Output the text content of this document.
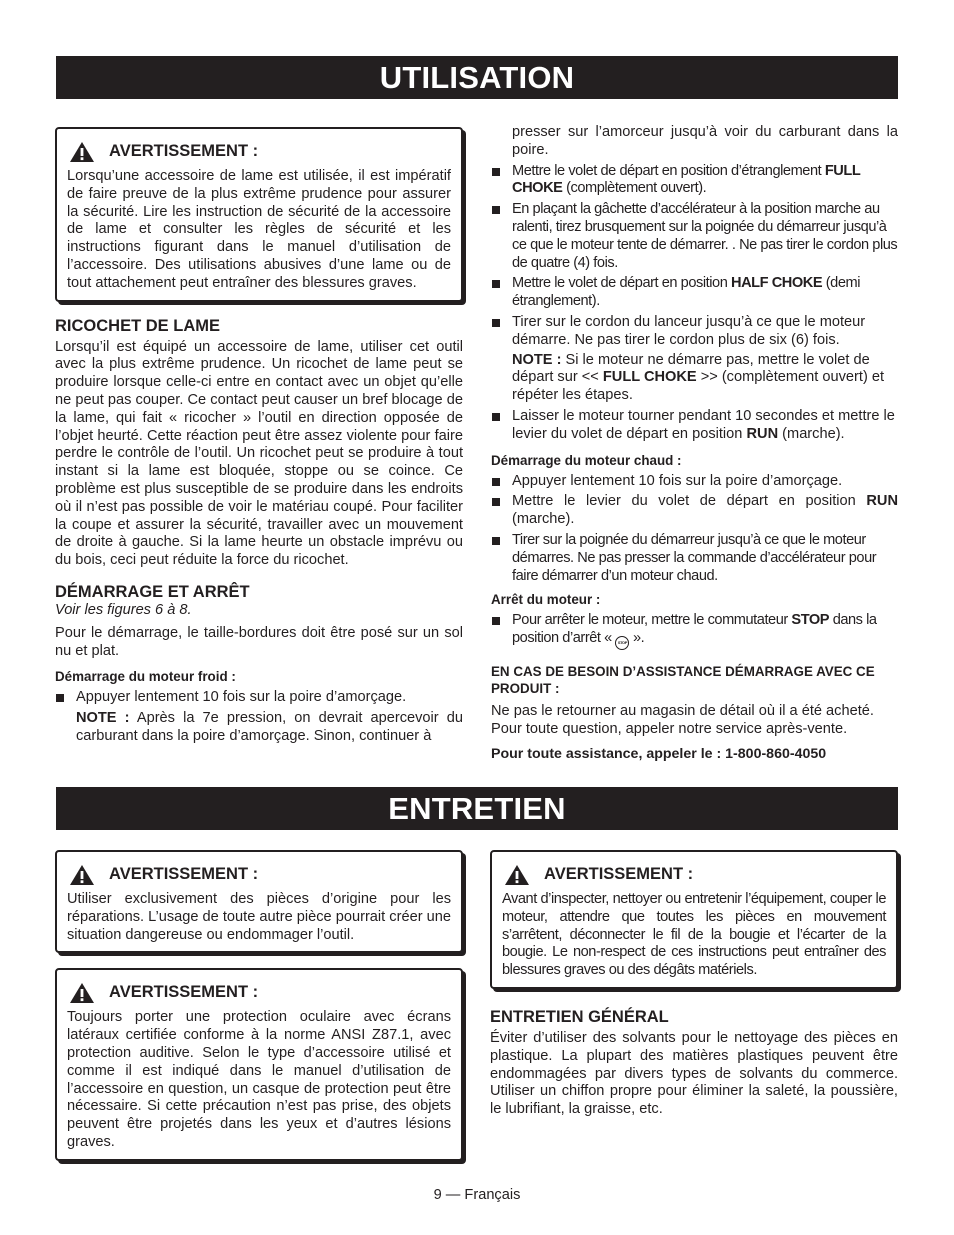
UTILISATION
AVERTISSEMENT :
Lorsqu’une accessoire de lame est utilisée, il est impératif de faire preuve de la plus extrême prudence pour assurer la sécurité. Lire les instruction de sécurité de la accessoire de lame et consulter les règles de sécurité et les instructions figurant dans le manuel d’utilisation de l’accessoire. Des utilisations abusives d’une lame ou de tout attachement peut entraîner des blessures graves.
RICOCHET DE LAME
Lorsqu’il est équipé un accessoire de lame, utiliser cet outil avec la plus extrême prudence. Un ricochet de lame peut se produire lorsque celle-ci entre en contact avec un objet qu’elle ne peut pas couper. Ce contact peut causer un bref blocage de la lame, qui fait « ricocher » l’outil en direction opposée de l’objet heurté. Cette réaction peut être assez violente pour faire perdre le contrôle de l’outil. Un ricochet peut se produire à tout instant si la lame est bloquée, stoppe ou se coince. Ce problème est plus susceptible de se produire dans les endroits où il n’est pas possible de voir le matériau coupé. Pour faciliter la coupe et assurer la sécurité, travailler avec un mouvement de droite à gauche. Si la lame heurte un obstacle imprévu ou du bois, ceci peut réduite la force du ricochet.
DÉMARRAGE ET ARRÊT
Voir les figures 6 à 8.
Pour le démarrage, le taille-bordures doit être posé sur un sol nu et plat.
Démarrage du moteur froid :
Appuyer lentement 10 fois sur la poire d’amorçage.
NOTE : Après la 7e pression, on devrait apercevoir du carburant dans la poire d’amorçage. Sinon, continuer à
presser sur l’amorceur jusqu’à voir du carburant dans la poire.
Mettre le volet de départ en position d’étranglement FULL CHOKE (complètement ouvert).
En plaçant la gâchette d’accélérateur à la position marche au ralenti, tirez brusquement sur la poignée du démarreur jusqu’à ce que le moteur tente de démarrer. . Ne pas tirer le cordon plus de quatre (4) fois.
Mettre le volet de départ en position HALF CHOKE (demi étranglement).
Tirer sur le cordon du lanceur jusqu’à ce que le moteur démarre. Ne pas tirer le cordon plus de six (6) fois.
NOTE : Si le moteur ne démarre pas, mettre le volet de départ sur << FULL CHOKE >> (complètement ouvert) et répéter les étapes.
Laisser le moteur tourner pendant 10 secondes et mettre le levier du volet de départ en position RUN (marche).
Démarrage du moteur chaud :
Appuyer lentement 10 fois sur la poire d’amorçage.
Mettre le levier du volet de départ en position RUN (marche).
Tirer sur la poignée du démarreur jusqu’à ce que le moteur démarres. Ne pas presser la commande d’accélérateur pour faire démarrer d’un moteur chaud.
Arrêt du moteur :
Pour arrêter le moteur, mettre le commutateur STOP dans la position d’arrêt « STOP ».
EN CAS DE BESOIN D’ASSISTANCE DÉMARRAGE AVEC CE PRODUIT :
Ne pas le retourner au magasin de détail où il a été acheté. Pour toute question, appeler notre service après-vente.
Pour toute assistance, appeler le : 1-800-860-4050
ENTRETIEN
AVERTISSEMENT :
Utiliser exclusivement des pièces d’origine pour les réparations. L’usage de toute autre pièce pourrait créer une situation dangereuse ou endommager l’outil.
AVERTISSEMENT :
Toujours porter une protection oculaire avec écrans latéraux certifiée conforme à la norme ANSI Z87.1, avec protection auditive. Selon le type d’accessoire utilisé et comme il est indiqué dans le manuel d’utilisation de l’accessoire en question, un casque de protection peut être nécessaire. Si cette précaution n’est pas prise, des objets peuvent être projetés dans les yeux et d’autres lésions graves.
AVERTISSEMENT :
Avant d’inspecter, nettoyer ou entretenir l’équipement, couper le moteur, attendre que toutes les pièces en mouvement s’arrêtent, déconnecter le fil de la bougie et l’écarter de la bougie. Le non-respect de ces instructions peut entraîner des blessures graves ou des dégâts matériels.
ENTRETIEN GÉNÉRAL
Éviter d’utiliser des solvants pour le nettoyage des pièces en plastique. La plupart des matières plastiques peuvent être endommagées par divers types de solvants du commerce. Utiliser un chiffon propre pour éliminer la saleté, la poussière, le lubrifiant, la graisse, etc.
9 — Français
